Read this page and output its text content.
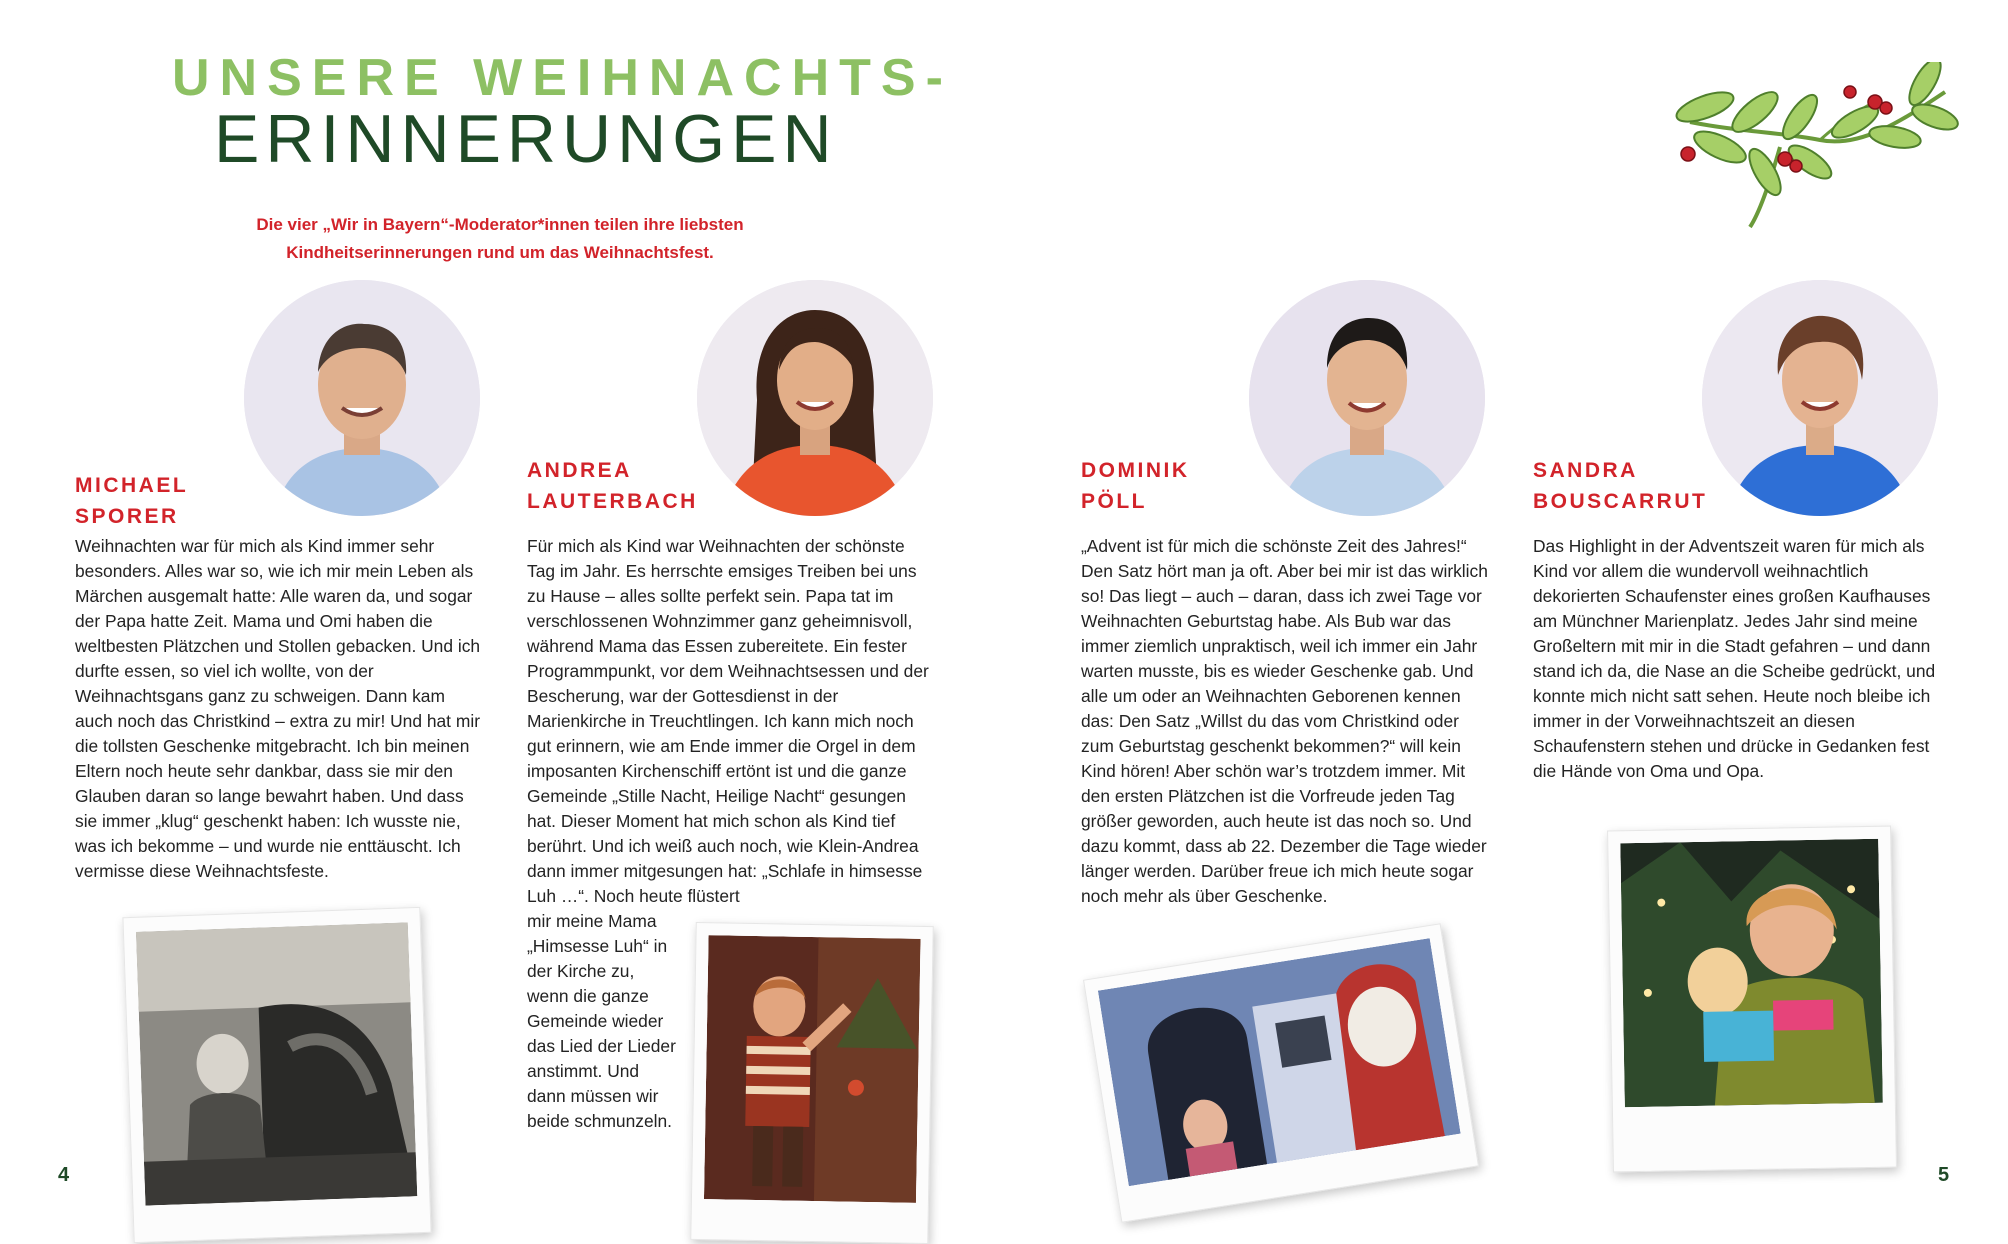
UNSERE WEIHNACHTS-
ERINNERUNGEN

Die vier „Wir in Bayern“-Moderator*innen teilen ihre liebsten Kindheitserinnerungen rund um das Weihnachtsfest.

MICHAEL
SPORER

Weihnachten war für mich als Kind immer sehr besonders. Alles war so, wie ich mir mein Leben als Märchen ausgemalt hatte: Alle waren da, und sogar der Papa hatte Zeit. Mama und Omi haben die weltbesten Plätzchen und Stollen gebacken. Und ich durfte essen, so viel ich wollte, von der Weihnachtsgans ganz zu schweigen. Dann kam auch noch das Christkind – extra zu mir! Und hat mir die tollsten Geschenke mitgebracht. Ich bin meinen Eltern noch heute sehr dankbar, dass sie mir den Glauben daran so lange bewahrt haben. Und dass sie immer „klug“ geschenkt haben: Ich wusste nie, was ich bekomme – und wurde nie enttäuscht. Ich vermisse diese Weihnachtsfeste.

ANDREA
LAUTERBACH

Für mich als Kind war Weihnachten der schönste Tag im Jahr. Es herrschte emsiges Treiben bei uns zu Hause – alles sollte perfekt sein. Papa tat im verschlossenen Wohnzimmer ganz geheimnisvoll, während Mama das Essen zubereitete. Ein fester Programmpunkt, vor dem Weihnachtsessen und der Bescherung, war der Gottesdienst in der Marienkirche in Treuchtlingen. Ich kann mich noch gut erinnern, wie am Ende immer die Orgel in dem imposanten Kirchenschiff ertönt ist und die ganze Gemeinde „Stille Nacht, Heilige Nacht“ gesungen hat. Dieser Moment hat mich schon als Kind tief berührt. Und ich weiß auch noch, wie Klein-Andrea dann immer mitgesungen hat: „Schlafe in himsesse Luh …“. Noch heute flüstert

mir meine Mama „Himsesse Luh“ in der Kirche zu, wenn die ganze Gemeinde wieder das Lied der Lieder anstimmt. Und dann müssen wir beide schmunzeln.

DOMINIK
PÖLL

„Advent ist für mich die schönste Zeit des Jahres!“ Den Satz hört man ja oft. Aber bei mir ist das wirklich so! Das liegt – auch – daran, dass ich zwei Tage vor Weihnachten Geburtstag habe. Als Bub war das immer ziemlich unpraktisch, weil ich immer ein Jahr warten musste, bis es wieder Geschenke gab. Und alle um oder an Weihnachten Geborenen kennen das: Den Satz „Willst du das vom Christkind oder zum Geburtstag geschenkt bekommen?“ will kein Kind hören! Aber schön war’s trotzdem immer. Mit den ersten Plätzchen ist die Vorfreude jeden Tag größer geworden, auch heute ist das noch so. Und dazu kommt, dass ab 22. Dezember die Tage wieder länger werden. Darüber freue ich mich heute sogar noch mehr als über Geschenke.

SANDRA
BOUSCARRUT

Das Highlight in der Adventszeit waren für mich als Kind vor allem die wundervoll weihnachtlich dekorierten Schaufenster eines großen Kaufhauses am Münchner Marienplatz. Jedes Jahr sind meine Großeltern mit mir in die Stadt gefahren – und dann stand ich da, die Nase an die Scheibe gedrückt, und konnte mich nicht satt sehen. Heute noch bleibe ich immer in der Vorweihnachtszeit an diesen Schaufenstern stehen und drücke in Gedanken fest die Hände von Oma und Opa.

4	5
